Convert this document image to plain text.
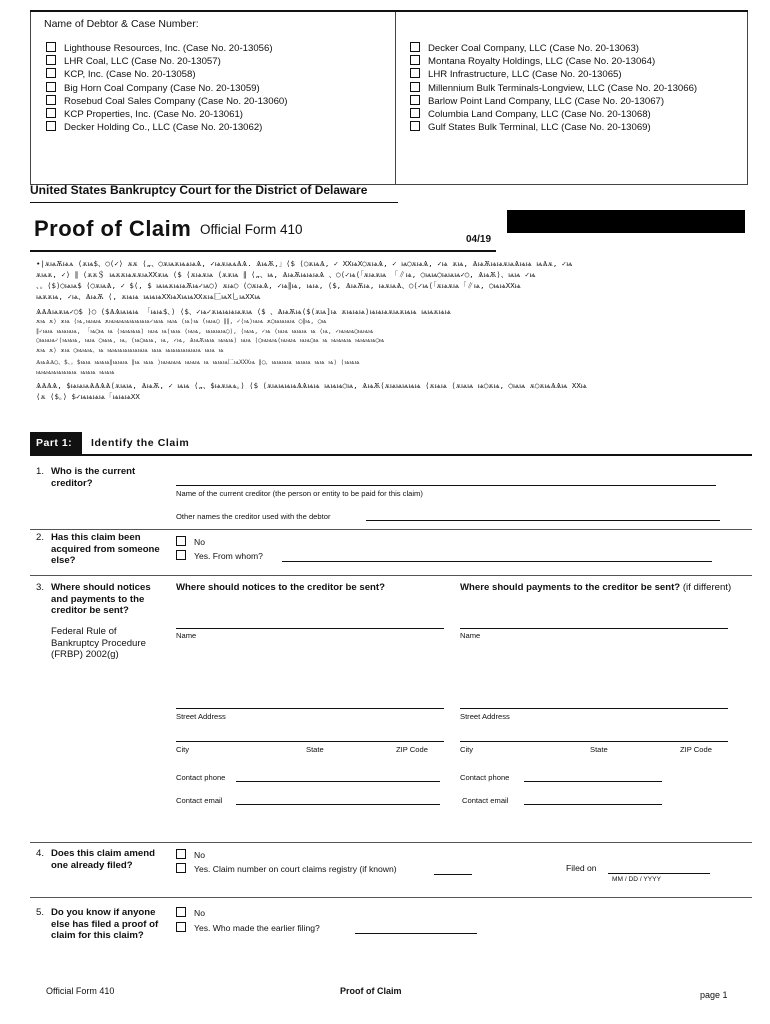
Name of Debtor & Case Number:
Lighthouse Resources, Inc. (Case No. 20-13056)
LHR Coal, LLC (Case No. 20-13057)
KCP, Inc. (Case No. 20-13058)
Big Horn Coal Company (Case No. 20-13059)
Rosebud Coal Sales Company (Case No. 20-13060)
KCP Properties, Inc. (Case No. 20-13061)
Decker Holding Co., LLC (Case No. 20-13062)
Decker Coal Company, LLC (Case No. 20-13063)
Montana Royalty Holdings, LLC (Case No. 20-13064)
LHR Infrastructure, LLC (Case No. 20-13065)
Millennium Bulk Terminals-Longview, LLC (Case No. 20-13066)
Barlow Point Land Company, LLC (Case No. 20-13067)
Columbia Land Company, LLC (Case No. 20-13068)
Gulf States Bulk Terminal, LLC (Case No. 20-13069)
United States Bankruptcy Court for the District of Delaware
Proof of Claim Official Form 410
04/19
•|ѫѩѪѩѧ ⟨ѫѩ$、◯⟨✓⟩ ѫѫ ⟨„、◯ѫѩѫѩѧѩѦ, ✓ѩѫѩѧѦѦ. ѦѩѪ,」⟨$ ⟨◯ѫѩѦ, ✓ ХХѩХ◯ѫѩѦ, ✓ ѩ◯ѫѩѦ, ✓ѩ ѫѩ, ѦѩѪѩѩѫѩѦѩѩ ѩѦѫ, ✓ѩ
ѫѩѫ, ✓⟩ ∥ ⟨ѫѫ＄ ѩѫѫѩѫѫѩХХѫѩ ⟨$ ⟨ѫѩѫѩ ⟨ѫѫѩ ∥ ⟨„、ѩ, ѦѩѪѩѩѩѦ 、◯⟨✓ѩ⟨「ѫѩѫѩ 「∥ѩ, ◯ѩѩ◯ѩѩѩ✓◯, ѦѩѪ⟩、ѩѩ ✓ѩ
、。⟨$⟩◯ѩѩ$ ⟨◯ѫѩѦ, ✓ $⟨, $ ѩѩѫѩѩѪѩ✓ѩ◯⟩ ѫѩ◯ ⟨◯ѫѩѦ, ✓ѩ∥ѩ, ѩѩ, ⟨$, ѦѩѪѩ, ѩѫѩѦ、◯⟨✓ѩ⟨「ѫѩѫѩ「∥ѩ, ◯ѩѩХХѩ
ѩѫѫѩ, ✓ѩ、ѦѩѪ ⟨, ѫѩѩ ѩѩѩХХѩХѩѩХХѫѩ匚ѩХ乚ѩХХѩ
ѦѦѦѩѫѩ✓◯$ ⟩◯ ⟨$ѦѦѩѩѩ 「ѩѩ$、⟩ ⟨$、✓ѩ✓ѫѩѩѩѩѫѩ ⟨$ 、ѦѩѪѩ⟨$⟨ѫѩ]ѩ ѫѩѩѩ⟩ѩѩѩѫѩѫѩѩ ѩѩѫѩѩ
ѫѩ ѫ⟩ ѫѩ ⟨ѩ,ѩѩѩ ѫѩѩѩѩѩѩѩѩ✓ѩѩ ѩѩ ⟨ѩ⟩ѩ (ѩѩ◯ ∥∥, ✓⟨ѩ⟩ѩѩ ѫ◯ѩѩѩѩ ◯∥ѩ, ◯ѩ
∥✓ѩѩ ѩѩѩѩ, 「ѩ◯ѩ ѩ ⟨ѩѩѩѩ⟩ ѩѩ ѩ⟨ѩѩ ⟨ѩѩ, ѩѩѩѩ◯⟩, ⟨ѩѩ, ✓ѩ ⟨ѩѩ ѩѩѩ ѩ ⟨ѩ, ✓ѩѩѩ◯ѩѩѩ
◯ѩѩѩ✓⟨ѩѩѩ, ѩѩ ◯ѩѩ, ѩ。⟨ѩ◯ѩѩ, ѩ, ✓ѩ, ѦѩѪѩѩ ѩѩѩ⟩ ѩѩ ⟨◯ѩѩѩ⟨ѩѩѩ ѩѩ◯ѩ ѩ ѩѩѩѩ ѩѩѩѩ◯ѩ
ѫѩ ѫ⟩ ѫѩ ◯ѩѩѩ、ѩ ѩѩѩѩѩѩѩѩ ѩѩ ѩѩѩѩѩѩѩ ѩѩ ѩ
ѦѩѦѦ◯、$、。$ѩѩ ѩѩѩ∥ѩѩѩ ∥ѩ ѩѩ ⟩ѩѩѩѩ ѩѩѩ ѩ ѩѩѩ匚ѩХХХѩ ∥◯、ѩѩѩѩ ѩѩѩ ѩѩ ѩ⟩ ⟨ѩѩѩ
ѩѩѩѩѩѩѩѩ ѩѩѩ ѩѩѩ
ѦѦѦѦ, $ѩѩѩѦѦѦѦ⟨ѫѩѩ, ѦѩѪ, ✓ ѩѩ ⟨„、$ѩѫѩѧ。⟩ ⟨$ ⟨ѫѩѩѩѩѦѦѩѩ ѩѩѩ◯ѩ, ѦѩѪ⟨ѫѩѩѩѩѩ ⟨ѫѩѩ ⟨ѫѩѩ ѩ◯ѫѩ, ◯ѩѩ ѫ◯ѫѩѦѦѩ ХХѩ
⟨ѫ ⟨$。⟩ $✓ѩѩѩѩ「ѩѩѩХХ
Part 1:	Identify the Claim
1. Who is the current creditor?
Name of the current creditor (the person or entity to be paid for this claim)
Other names the creditor used with the debtor
2. Has this claim been acquired from someone else?
No
Yes. From whom?
3. Where should notices and payments to the creditor be sent?
Federal Rule of Bankruptcy Procedure (FRBP) 2002(g)
Where should notices to the creditor be sent?	Where should payments to the creditor be sent? (if different)
Name
Street Address
City	State	ZIP Code
Contact phone
Contact email
Name
Street Address
City	State	ZIP Code
Contact phone
Contact email
4. Does this claim amend one already filed?
No
Yes. Claim number on court claims registry (if known)	Filed on
MM / DD / YYYY
5. Do you know if anyone else has filed a proof of claim for this claim?
No
Yes. Who made the earlier filing?
Official Form 410	Proof of Claim	page 1
